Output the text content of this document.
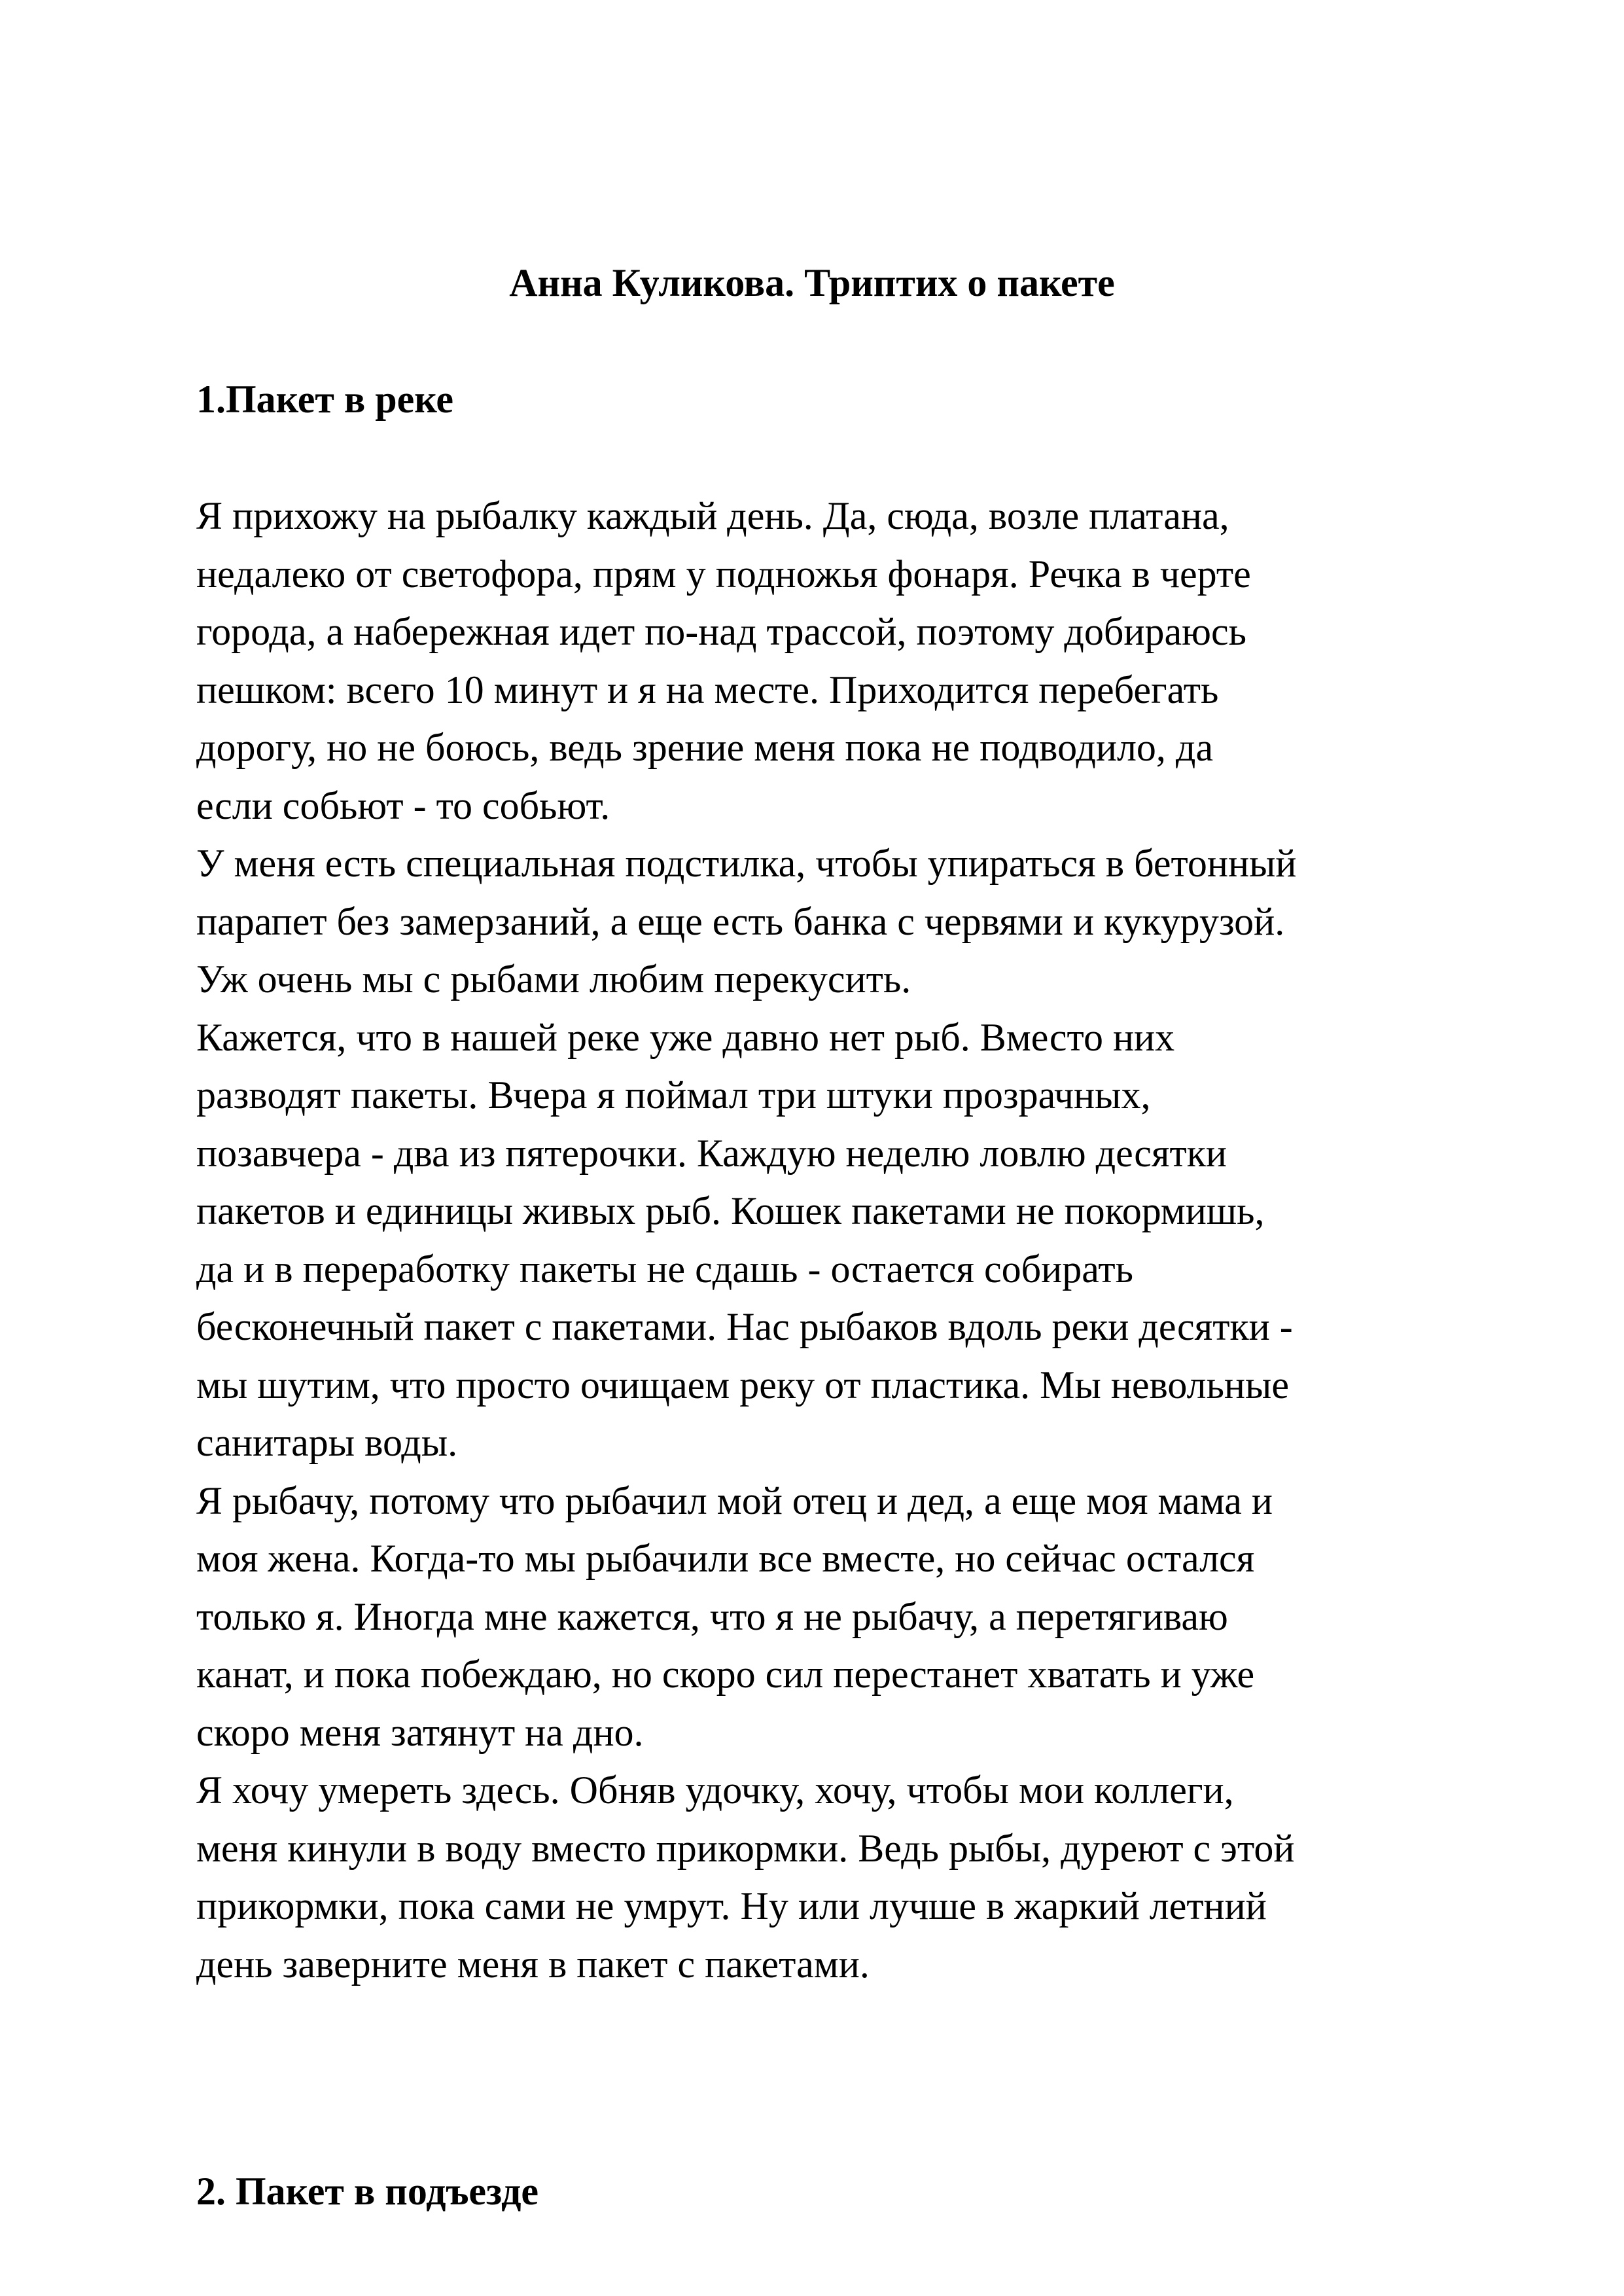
Анна Куликова. Триптих о пакете
1.Пакет в реке
Я прихожу на рыбалку каждый день. Да, сюда, возле платана,
недалеко от светофора, прям у подножья фонаря. Речка в черте
города, а набережная идет по-над трассой, поэтому добираюсь
пешком: всего 10 минут и я на месте. Приходится перебегать
дорогу, но не боюсь, ведь зрение меня пока не подводило, да
если собьют - то собьют.
У меня есть специальная подстилка, чтобы упираться в бетонный
парапет без замерзаний, а еще есть банка с червями и кукурузой.
Уж очень мы с рыбами любим перекусить.
Кажется, что в нашей реке уже давно нет рыб. Вместо них
разводят пакеты. Вчера я поймал три штуки прозрачных,
позавчера - два из пятерочки. Каждую неделю ловлю десятки
пакетов и единицы живых рыб. Кошек пакетами не покормишь,
да и в переработку пакеты не сдашь - остается собирать
бесконечный пакет с пакетами. Нас рыбаков вдоль реки десятки -
мы шутим, что просто очищаем реку от пластика. Мы невольные
санитары воды.
Я рыбачу, потому что рыбачил мой отец и дед, а еще моя мама и
моя жена. Когда-то мы рыбачили все вместе, но сейчас остался
только я. Иногда мне кажется, что я не рыбачу, а перетягиваю
канат, и пока побеждаю, но скоро сил перестанет хватать и уже
скоро меня затянут на дно.
Я хочу умереть здесь. Обняв удочку, хочу, чтобы мои коллеги,
меня кинули в воду вместо прикормки. Ведь рыбы, дуреют с этой
прикормки, пока сами не умрут. Ну или лучше в жаркий летний
день заверните меня в пакет с пакетами.
2. Пакет в подъезде
